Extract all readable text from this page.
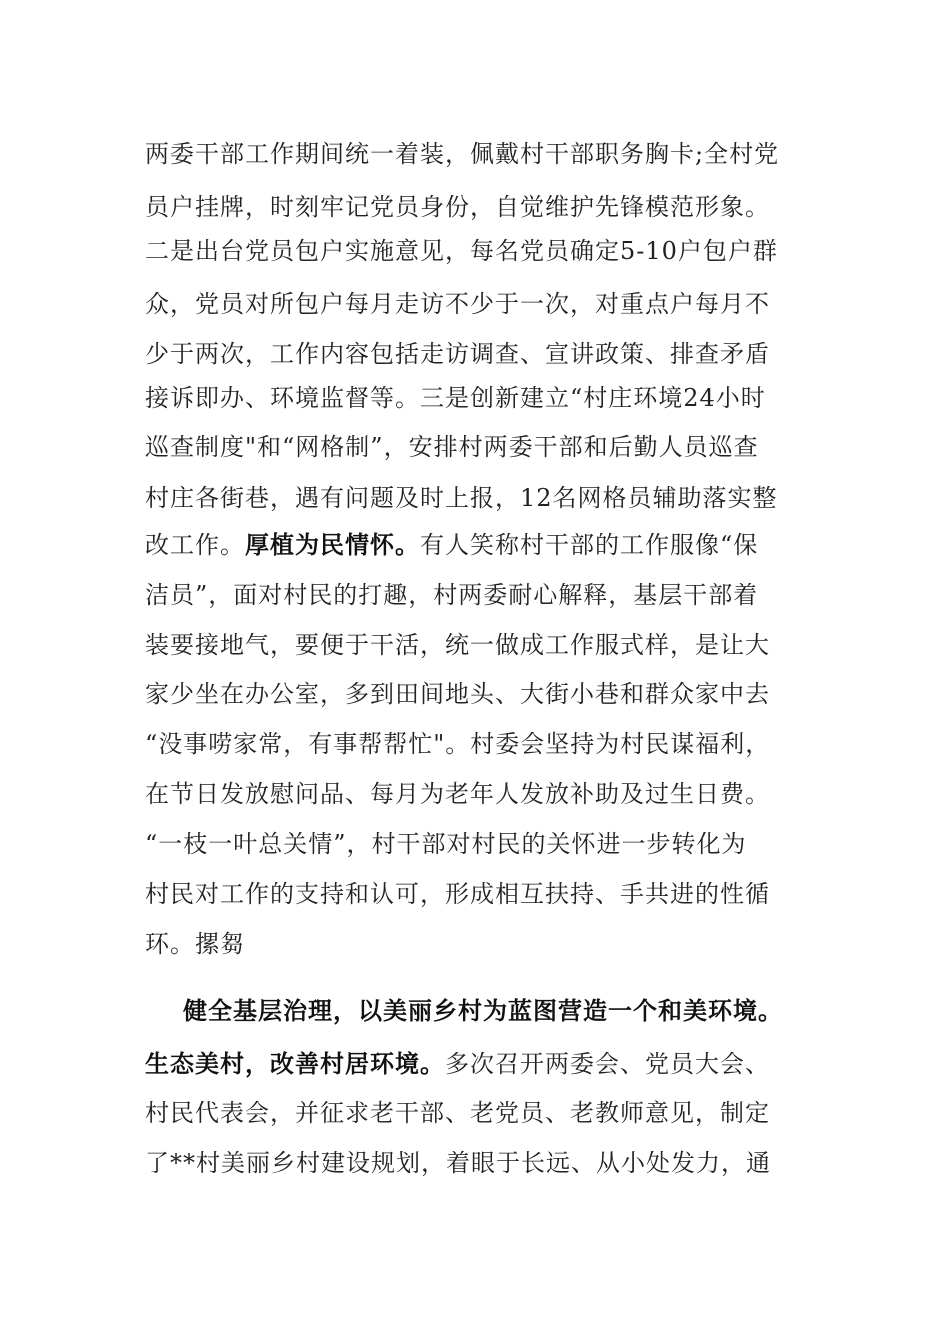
两委干部工作期间统一着装，佩戴村干部职务胸卡;全村党
员户挂牌，时刻牢记党员身份，自觉维护先锋模范形象。
二是出台党员包户实施意见，每名党员确定5-10户包户群
众，党员对所包户每月走访不少于一次，对重点户每月不
少于两次，工作内容包括走访调查、宣讲政策、排查矛盾
接诉即办、环境监督等。三是创新建立“村庄环境24小时
巡查制度"和“网格制”，安排村两委干部和后勤人员巡查
村庄各街巷，遇有问题及时上报，12名网格员辅助落实整
改工作。厚植为民情怀。有人笑称村干部的工作服像“保
洁员”，面对村民的打趣，村两委耐心解释，基层干部着
装要接地气，要便于干活，统一做成工作服式样，是让大
家少坐在办公室，多到田间地头、大街小巷和群众家中去
“没事唠家常，有事帮帮忙"。村委会坚持为村民谋福利，
在节日发放慰问品、每月为老年人发放补助及过生日费。
“一枝一叶总关情”，村干部对村民的关怀进一步转化为
村民对工作的支持和认可，形成相互扶持、手共进的性循
环。摞芻
健全基层治理，以美丽乡村为蓝图营造一个和美环境。
生态美村，改善村居环境。多次召开两委会、党员大会、
村民代表会，并征求老干部、老党员、老教师意见，制定
了**村美丽乡村建设规划，着眼于长远、从小处发力，通
